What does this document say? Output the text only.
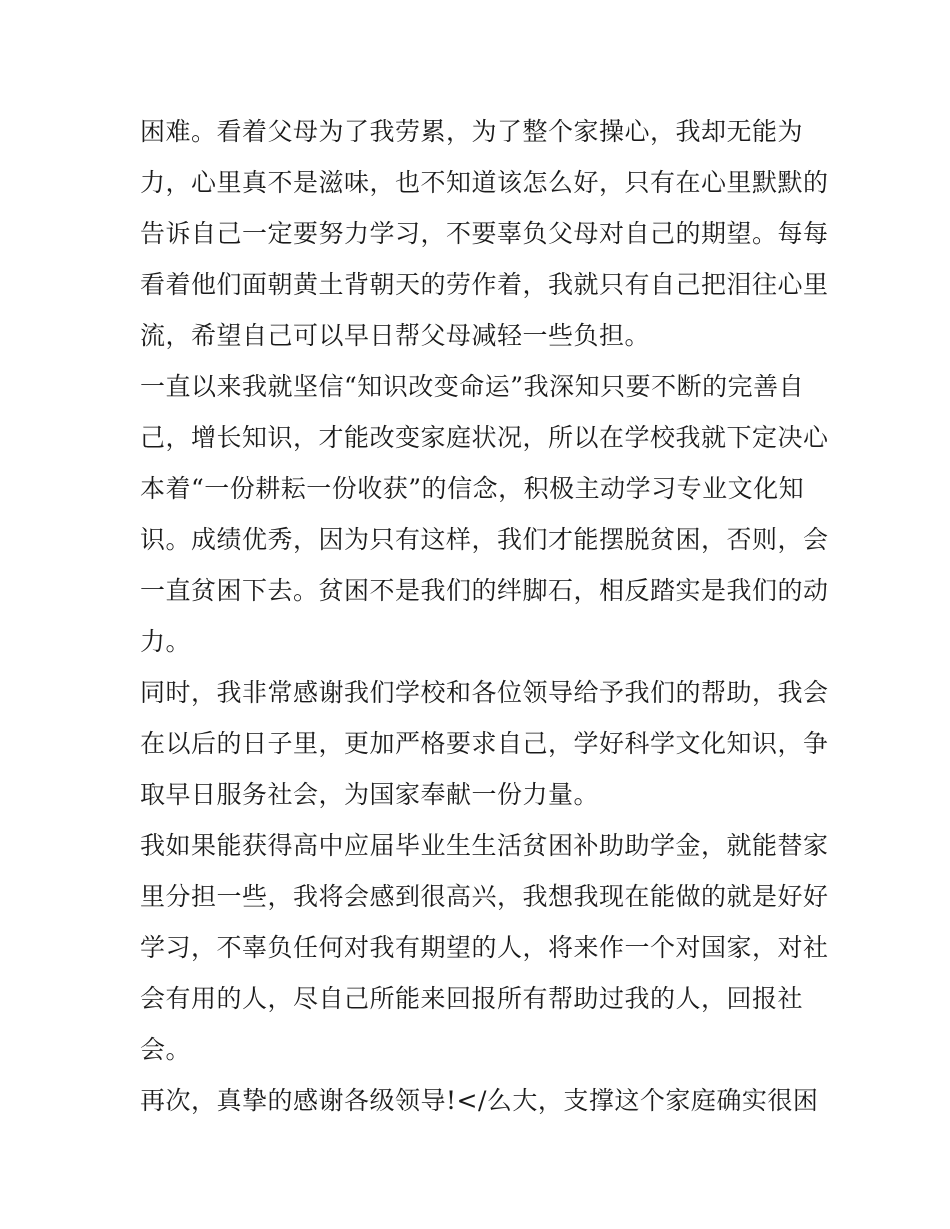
困难。看着父母为了我劳累，为了整个家操心，我却无能为
力，心里真不是滋味，也不知道该怎么好，只有在心里默默的
告诉自己一定要努力学习，不要辜负父母对自己的期望。每每
看着他们面朝黄土背朝天的劳作着，我就只有自己把泪往心里
流，希望自己可以早日帮父母减轻一些负担。
一直以来我就坚信“知识改变命运”我深知只要不断的完善自
己，增长知识，才能改变家庭状况，所以在学校我就下定决心
本着“一份耕耘一份收获”的信念，积极主动学习专业文化知
识。成绩优秀，因为只有这样，我们才能摆脱贫困，否则，会
一直贫困下去。贫困不是我们的绊脚石，相反踏实是我们的动
力。
同时，我非常感谢我们学校和各位领导给予我们的帮助，我会
在以后的日子里，更加严格要求自己，学好科学文化知识，争
取早日服务社会，为国家奉献一份力量。
我如果能获得高中应届毕业生生活贫困补助助学金，就能替家
里分担一些，我将会感到很高兴，我想我现在能做的就是好好
学习，不辜负任何对我有期望的人，将来作一个对国家，对社
会有用的人，尽自己所能来回报所有帮助过我的人，回报社
会。
再次，真挚的感谢各级领导!</么大，支撑这个家庭确实很困
